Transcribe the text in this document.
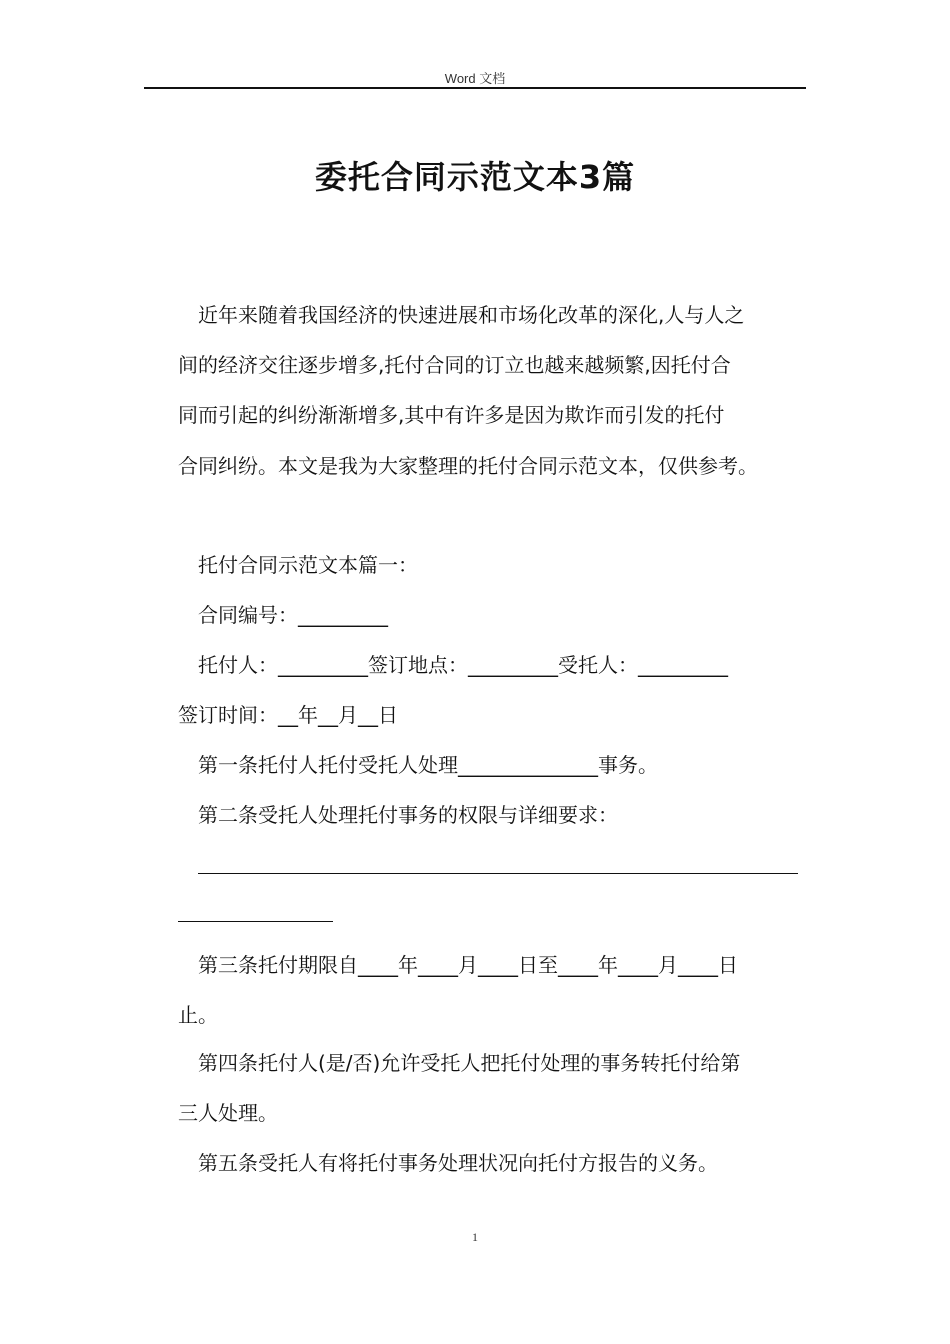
Word 文档
委托合同示范文本3篇
近年来随着我国经济的快速进展和市场化改革的深化,人与人之
间的经济交往逐步增多,托付合同的订立也越来越频繁,因托付合
同而引起的纠纷渐渐增多,其中有许多是因为欺诈而引发的托付
合同纠纷。本文是我为大家整理的托付合同示范文本，仅供参考。
托付合同示范文本篇一：
合同编号：_________
托付人：_________签订地点：_________受托人：_________
签订时间：__年__月__日
第一条托付人托付受托人处理______________事务。
第二条受托人处理托付事务的权限与详细要求：
第三条托付期限自____年____月____日至____年____月____日
止。
第四条托付人(是/否)允许受托人把托付处理的事务转托付给第
三人处理。
第五条受托人有将托付事务处理状况向托付方报告的义务。
1
